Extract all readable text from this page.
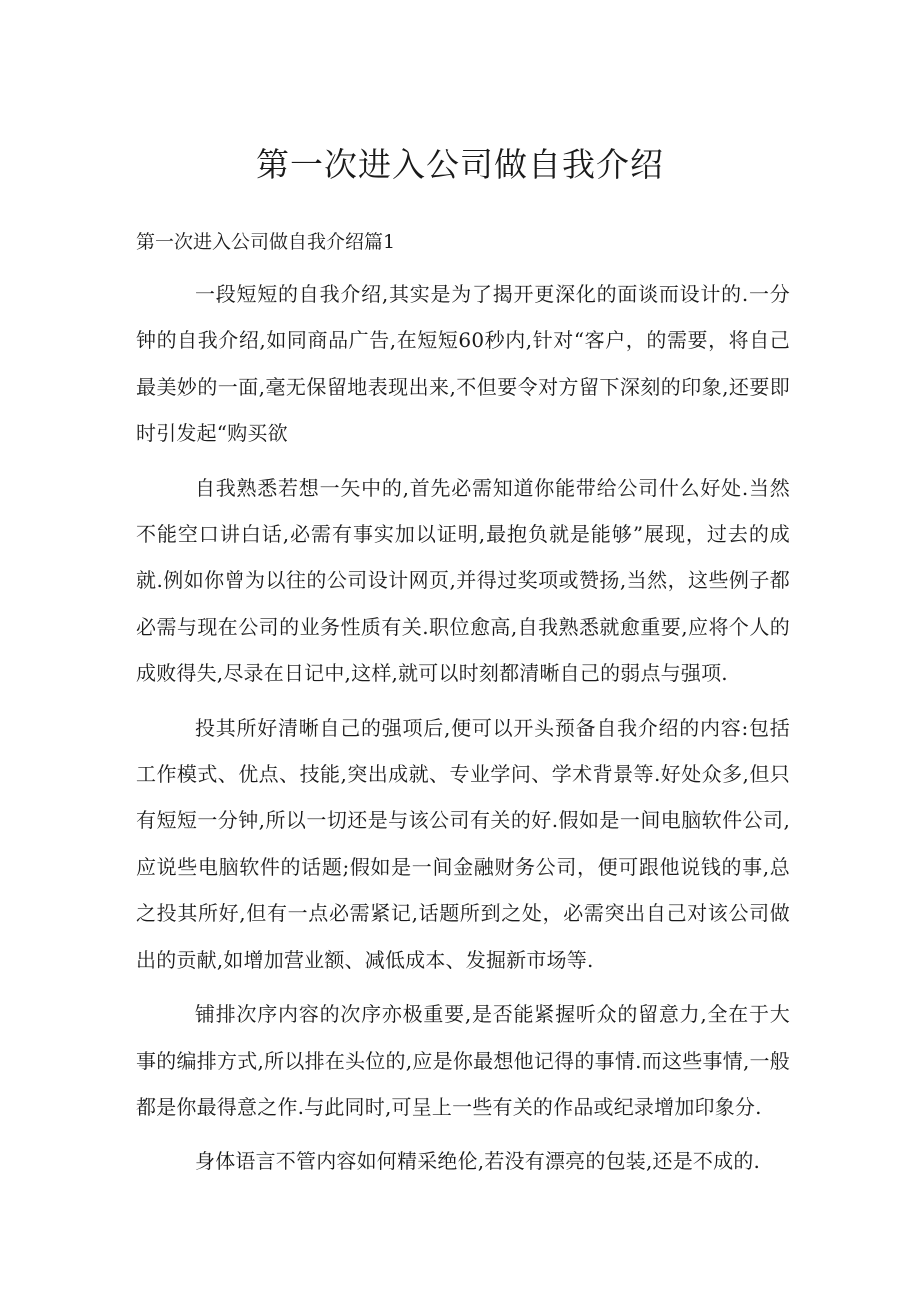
第一次进入公司做自我介绍
第一次进入公司做自我介绍篇1

一段短短的自我介绍,其实是为了揭开更深化的面谈而设计的.一分钟的自我介绍,如同商品广告,在短短60秒内,针对“客户，的需要，将自己最美妙的一面,毫无保留地表现出来,不但要令对方留下深刻的印象,还要即时引发起“购买欲

自我熟悉若想一矢中的,首先必需知道你能带给公司什么好处.当然不能空口讲白话,必需有事实加以证明,最抱负就是能够”展现，过去的成就.例如你曾为以往的公司设计网页,并得过奖项或赞扬,当然，这些例子都必需与现在公司的业务性质有关.职位愈高,自我熟悉就愈重要,应将个人的成败得失,尽录在日记中,这样,就可以时刻都清晰自己的弱点与强项.

投其所好清晰自己的强项后,便可以开头预备自我介绍的内容:包括工作模式、优点、技能,突出成就、专业学问、学术背景等.好处众多,但只有短短一分钟,所以一切还是与该公司有关的好.假如是一间电脑软件公司,应说些电脑软件的话题;假如是一间金融财务公司，便可跟他说钱的事,总之投其所好,但有一点必需紧记,话题所到之处，必需突出自己对该公司做出的贡献,如增加营业额、减低成本、发掘新市场等.

铺排次序内容的次序亦极重要,是否能紧握听众的留意力,全在于大事的编排方式,所以排在头位的,应是你最想他记得的事情.而这些事情,一般都是你最得意之作.与此同时,可呈上一些有关的作品或纪录增加印象分.

身体语言不管内容如何精采绝伦,若没有漂亮的包装,还是不成的.
